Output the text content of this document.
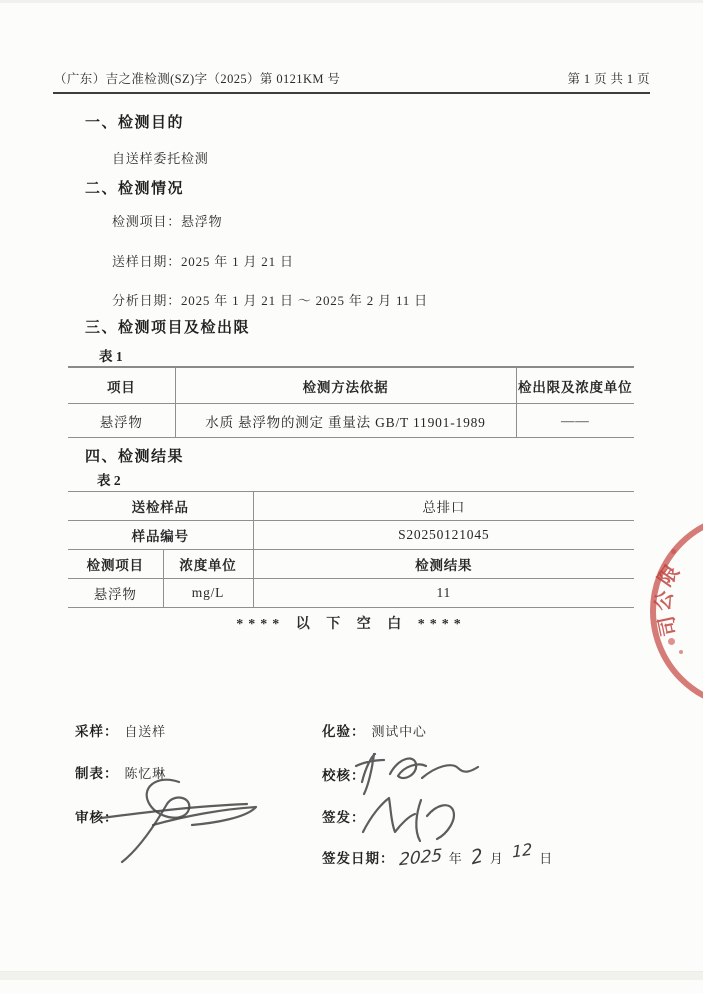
（广东）吉之准检测(SZ)字（2025）第 0121KM 号	第 1 页 共 1 页
一、检测目的
自送样委托检测
二、检测情况
检测项目：悬浮物
送样日期：2025 年 1 月 21 日
分析日期：2025 年 1 月 21 日 ～ 2025 年 2 月 11 日
三、检测项目及检出限
表 1
项目	检测方法依据	检出限及浓度单位
悬浮物	水质 悬浮物的测定 重量法 GB/T 11901-1989	——
四、检测结果
表 2
送检样品		总排口
样品编号		S20250121045
检测项目	浓度单位	检测结果
悬浮物	mg/L	11
**** 以 下 空 白 ****
采样： 自送样	化验： 测试中心
制表： 陈忆琳	校核：
审核：	签发：
签发日期： 2025 年 2 月 12 日
限
公
司
